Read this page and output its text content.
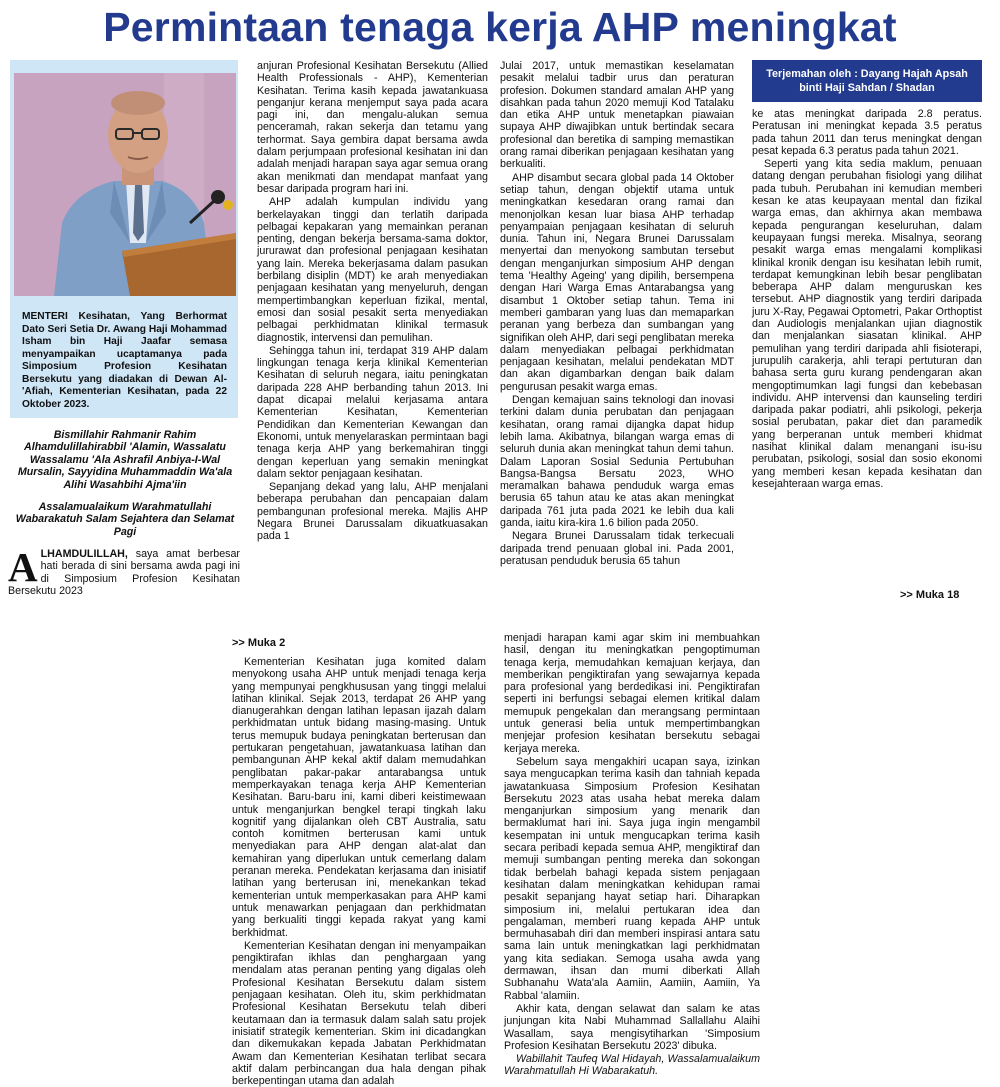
Permintaan tenaga kerja AHP meningkat
MENTERI Kesihatan, Yang Berhormat Dato Seri Setia Dr. Awang Haji Mohammad Isham bin Haji Jaafar semasa menyampaikan ucaptamanya pada Simposium Profesion Kesihatan Bersekutu yang diadakan di Dewan Al-'Afiah, Kementerian Kesihatan, pada 22 Oktober 2023.
Bismillahir Rahmanir Rahim Alhamdulillahirabbil 'Alamin, Wassalatu Wassalamu 'Ala Ashrafil Anbiya-I-Wal Mursalin, Sayyidina Muhammaddin Wa'ala Alihi Wasahbihi Ajma'iin
Assalamualaikum Warahmatullahi Wabarakatuh Salam Sejahtera dan Selamat Pagi
ALHAMDULILLAH, saya amat berbesar hati berada di sini bersama awda pagi ini di Simposium Profesion Kesihatan Bersekutu 2023

anjuran Profesional Kesihatan Bersekutu (Allied Health Professionals - AHP), Kementerian Kesihatan. Terima kasih kepada jawatankuasa penganjur kerana menjemput saya pada acara pagi ini, dan mengalu-alukan semua penceramah, rakan sekerja dan tetamu yang terhormat. Saya gembira dapat bersama awda dalam perjumpaan profesional kesihatan ini dan adalah menjadi harapan saya agar semua orang akan menikmati dan mendapat manfaat yang besar daripada program hari ini.

AHP adalah kumpulan individu yang berkelayakan tinggi dan terlatih daripada pelbagai kepakaran yang memainkan peranan penting, dengan bekerja bersama-sama doktor, jururawat dan profesional penjagaan kesihatan yang lain. Mereka bekerjasama dalam pasukan berbilang disiplin (MDT) ke arah menyediakan penjagaan kesihatan yang menyeluruh, dengan mempertimbangkan keperluan fizikal, mental, emosi dan sosial pesakit serta menyediakan pelbagai perkhidmatan klinikal termasuk diagnostik, intervensi dan pemulihan.

Sehingga tahun ini, terdapat 319 AHP dalam lingkungan tenaga kerja klinikal Kementerian Kesihatan di seluruh negara, iaitu peningkatan daripada 228 AHP berbanding tahun 2013. Ini dapat dicapai melalui kerjasama antara Kementerian Kesihatan, Kementerian Pendidikan dan Kementerian Kewangan dan Ekonomi, untuk menyelaraskan permintaan bagi tenaga kerja AHP yang berkemahiran tinggi dengan keperluan yang semakin meningkat dalam sektor penjagaan kesihatan.

Sepanjang dekad yang lalu, AHP menjalani beberapa perubahan dan pencapaian dalam pembangunan profesional mereka. Majlis AHP Negara Brunei Darussalam dikuatkuasakan pada 1

Julai 2017, untuk memastikan keselamatan pesakit melalui tadbir urus dan peraturan profesion. Dokumen standard amalan AHP yang disahkan pada tahun 2020 memuji Kod Tatalaku dan etika AHP untuk menetapkan piawaian supaya AHP diwajibkan untuk bertindak secara profesional dan beretika di samping memastikan orang ramai diberikan penjagaan kesihatan yang berkualiti.

AHP disambut secara global pada 14 Oktober setiap tahun, dengan objektif utama untuk meningkatkan kesedaran orang ramai dan menonjolkan kesan luar biasa AHP terhadap penyampaian penjagaan kesihatan di seluruh dunia. Tahun ini, Negara Brunei Darussalam menyertai dan menyokong sambutan tersebut dengan menganjurkan simposium AHP dengan tema 'Healthy Ageing' yang dipilih, bersempena dengan Hari Warga Emas Antarabangsa yang disambut 1 Oktober setiap tahun. Tema ini memberi gambaran yang luas dan memaparkan peranan yang berbeza dan sumbangan yang signifikan oleh AHP, dari segi penglibatan mereka dalam menyediakan pelbagai perkhidmatan penjagaan kesihatan, melalui pendekatan MDT dan akan digambarkan dengan baik dalam pengurusan pesakit warga emas.

Dengan kemajuan sains teknologi dan inovasi terkini dalam dunia perubatan dan penjagaan kesihatan, orang ramai dijangka dapat hidup lebih lama. Akibatnya, bilangan warga emas di seluruh dunia akan meningkat tahun demi tahun. Dalam Laporan Sosial Sedunia Pertubuhan Bangsa-Bangsa Bersatu 2023, WHO meramalkan bahawa penduduk warga emas berusia 65 tahun atau ke atas akan meningkat daripada 761 juta pada 2021 ke lebih dua kali ganda, iaitu kira-kira 1.6 bilion pada 2050.

Negara Brunei Darussalam tidak terkecuali daripada trend penuaan global ini. Pada 2001, peratusan penduduk berusia 65 tahun

Terjemahan oleh : Dayang Hajah Apsah
binti Haji Sahdan / Shadan

ke atas meningkat daripada 2.8 peratus. Peratusan ini meningkat kepada 3.5 peratus pada tahun 2011 dan terus meningkat dengan pesat kepada 6.3 peratus pada tahun 2021.

Seperti yang kita sedia maklum, penuaan datang dengan perubahan fisiologi yang dilihat pada tubuh. Perubahan ini kemudian memberi kesan ke atas keupayaan mental dan fizikal warga emas, dan akhirnya akan membawa kepada pengurangan keseluruhan, dalam keupayaan fungsi mereka. Misalnya, seorang pesakit warga emas mengalami komplikasi klinikal kronik dengan isu kesihatan lebih rumit, terdapat kemungkinan lebih besar penglibatan beberapa AHP dalam menguruskan kes tersebut. AHP diagnostik yang terdiri daripada juru X-Ray, Pegawai Optometri, Pakar Orthoptist dan Audiologis menjalankan ujian diagnostik dan menjalankan siasatan klinikal. AHP pemulihan yang terdiri daripada ahli fisioterapi, jurupulih carakerja, ahli terapi pertuturan dan bahasa serta guru kurang pendengaran akan mengoptimumkan lagi fungsi dan kebebasan individu. AHP intervensi dan kaunseling terdiri daripada pakar podiatri, ahli psikologi, pekerja sosial perubatan, pakar diet dan paramedik yang berperanan untuk memberi khidmat nasihat klinikal dalam menangani isu-isu perubatan, psikologi, sosial dan sosio ekonomi yang memberi kesan kepada kesihatan dan kesejahteraan warga emas.

>> Muka 18
>> Muka 2

Kementerian Kesihatan juga komited dalam menyokong usaha AHP untuk menjadi tenaga kerja yang mempunyai pengkhususan yang tinggi melalui latihan klinikal. Sejak 2013, terdapat 26 AHP yang dianugerahkan dengan latihan lepasan ijazah dalam perkhidmatan untuk bidang masing-masing. Untuk terus memupuk budaya peningkatan berterusan dan pertukaran pengetahuan, jawatankuasa latihan dan pembangunan AHP kekal aktif dalam memudahkan penglibatan pakar-pakar antarabangsa untuk memperkayakan tenaga kerja AHP Kementerian Kesihatan. Baru-baru ini, kami diberi keistimewaan untuk menganjurkan bengkel terapi tingkah laku kognitif yang dijalankan oleh CBT Australia, satu contoh komitmen berterusan kami untuk menyediakan para AHP dengan alat-alat dan kemahiran yang diperlukan untuk cemerlang dalam peranan mereka. Pendekatan kerjasama dan inisiatif latihan yang berterusan ini, menekankan tekad kementerian untuk memperkasakan para AHP kami untuk menawarkan penjagaan dan perkhidmatan yang berkualiti tinggi kepada rakyat yang kami berkhidmat.

Kementerian Kesihatan dengan ini menyampaikan pengiktirafan ikhlas dan penghargaan yang mendalam atas peranan penting yang digalas oleh Profesional Kesihatan Bersekutu dalam sistem penjagaan kesihatan. Oleh itu, skim perkhidmatan Profesional Kesihatan Bersekutu telah diberi keutamaan dan ia termasuk dalam salah satu projek inisiatif strategik kementerian. Skim ini dicadangkan dan dikemukakan kepada Jabatan Perkhidmatan Awam dan Kementerian Kesihatan terlibat secara aktif dalam perbincangan dua hala dengan pihak berkepentingan utama dan adalah

menjadi harapan kami agar skim ini membuahkan hasil, dengan itu meningkatkan pengoptimuman tenaga kerja, memudahkan kemajuan kerjaya, dan memberikan pengiktirafan yang sewajarnya kepada para profesional yang berdedikasi ini. Pengiktirafan seperti ini berfungsi sebagai elemen kritikal dalam memupuk pengekalan dan merangsang permintaan untuk generasi belia untuk mempertimbangkan menjejar profesion kesihatan bersekutu sebagai kerjaya mereka.

Sebelum saya mengakhiri ucapan saya, izinkan saya mengucapkan terima kasih dan tahniah kepada jawatankuasa Simposium Profesion Kesihatan Bersekutu 2023 atas usaha hebat mereka dalam menganjurkan simposium yang menarik dan bermaklumat hari ini. Saya juga ingin mengambil kesempatan ini untuk mengucapkan terima kasih secara peribadi kepada semua AHP, mengiktiraf dan memuji sumbangan penting mereka dan sokongan tidak berbelah bahagi kepada sistem penjagaan kesihatan dalam meningkatkan kehidupan ramai pesakit sepanjang hayat setiap hari. Diharapkan simposium ini, melalui pertukaran idea dan pengalaman, memberi ruang kepada AHP untuk bermuhasabah diri dan memberi inspirasi antara satu sama lain untuk meningkatkan lagi perkhidmatan yang kita sediakan. Semoga usaha awda yang dermawan, ihsan dan mumi diberkati Allah Subhanahu Wata'ala Aamiin, Aamiin, Aamiin, Ya Rabbal 'alamiin.

Akhir kata, dengan selawat dan salam ke atas junjungan kita Nabi Muhammad Sallallahu Alaihi Wasallam, saya mengisytiharkan 'Simposium Profesion Kesihatan Bersekutu 2023' dibuka.

Wabillahit Taufeq Wal Hidayah, Wassalamualaikum Warahmatullah Hi Wabarakatuh.
